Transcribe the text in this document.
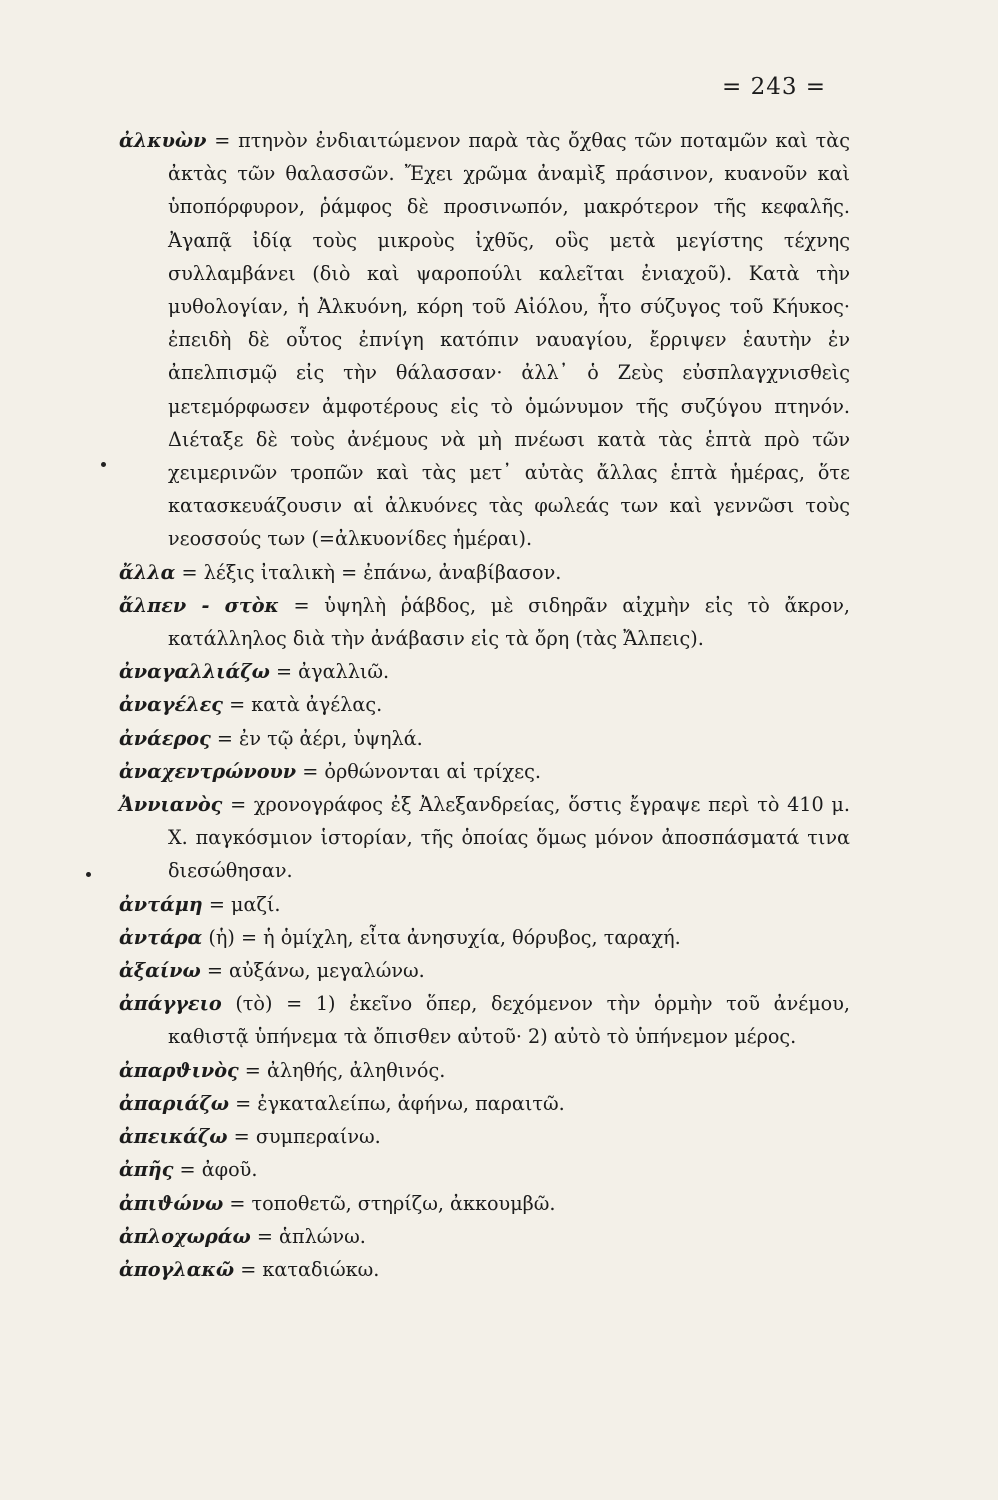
= 243 =

ἀλκυὼν = πτηνὸν ἐνδιαιτώμενον παρὰ τὰς ὄχθας τῶν ποταμῶν καὶ τὰς ἀκτὰς τῶν θαλασσῶν. Ἔχει χρῶμα ἀναμὶξ πράσινον, κυανοῦν καὶ ὑποπόρφυρον, ῥάμφος δὲ προσινωπόν, μακρότερον τῆς κεφαλῆς. Ἀγαπᾷ ἰδίᾳ τοὺς μικροὺς ἰχθῦς, οὓς μετὰ μεγίστης τέχνης συλλαμβάνει (διὸ καὶ ψαροπούλι καλεῖται ἐνιαχοῦ). Κατὰ τὴν μυθολογίαν, ἡ Ἀλκυόνη, κόρη τοῦ Αἰόλου, ἦτο σύζυγος τοῦ Κήυκος· ἐπειδὴ δὲ οὗτος ἐπνίγη κατόπιν ναυαγίου, ἔρριψεν ἑαυτὴν ἐν ἀπελπισμῷ εἰς τὴν θάλασσαν· ἀλλ᾽ ὁ Ζεὺς εὐσπλαγχνισθεὶς μετεμόρφωσεν ἀμφοτέρους εἰς τὸ ὁμώνυμον τῆς συζύγου πτηνόν. Διέταξε δὲ τοὺς ἀνέμους νὰ μὴ πνέωσι κατὰ τὰς ἑπτὰ πρὸ τῶν χειμερινῶν τροπῶν καὶ τὰς μετ᾽ αὐτὰς ἄλλας ἑπτὰ ἡμέρας, ὅτε κατασκευάζουσιν αἱ ἀλκυόνες τὰς φωλεάς των καὶ γεννῶσι τοὺς νεοσσούς των (=ἀλκυονίδες ἡμέραι).

ἄλλα = λέξις ἰταλικὴ = ἐπάνω, ἀναβίβασον.

ἄλπεν - στὸκ = ὑψηλὴ ῥάβδος, μὲ σιδηρᾶν αἰχμὴν εἰς τὸ ἄκρον, κατάλληλος διὰ τὴν ἀνάβασιν εἰς τὰ ὄρη (τὰς Ἄλπεις).

ἀναγαλλιάζω = ἀγαλλιῶ.

ἀναγέλες = κατὰ ἀγέλας.

ἀνάερος = ἐν τῷ ἀέρι, ὑψηλά.

ἀναχεντρώνουν = ὀρθώνονται αἱ τρίχες.

Ἀννιανὸς = χρονογράφος ἐξ Ἀλεξανδρείας, ὅστις ἔγραψε περὶ τὸ 410 μ. Χ. παγκόσμιον ἱστορίαν, τῆς ὁποίας ὅμως μόνον ἀποσπάσματά τινα διεσώθησαν.

ἀντάμη = μαζί.

ἀντάρα (ἡ) = ἡ ὁμίχλη, εἶτα ἀνησυχία, θόρυβος, ταραχή.

ἀξαίνω = αὐξάνω, μεγαλώνω.

ἀπάγγειο (τὸ) = 1) ἐκεῖνο ὅπερ, δεχόμενον τὴν ὁρμὴν τοῦ ἀνέμου, καθιστᾷ ὑπήνεμα τὰ ὄπισθεν αὐτοῦ· 2) αὐτὸ τὸ ὑπήνεμον μέρος.

ἀπαρϑινὸς = ἀληθής, ἀληθινός.

ἀπαριάζω = ἐγκαταλείπω, ἀφήνω, παραιτῶ.

ἀπεικάζω = συμπεραίνω.

ἀπῆς = ἀφοῦ.

ἀπιϑώνω = τοποθετῶ, στηρίζω, ἀκκουμβῶ.

ἀπλοχωράω = ἁπλώνω.

ἀπογλακῶ = καταδιώκω.
